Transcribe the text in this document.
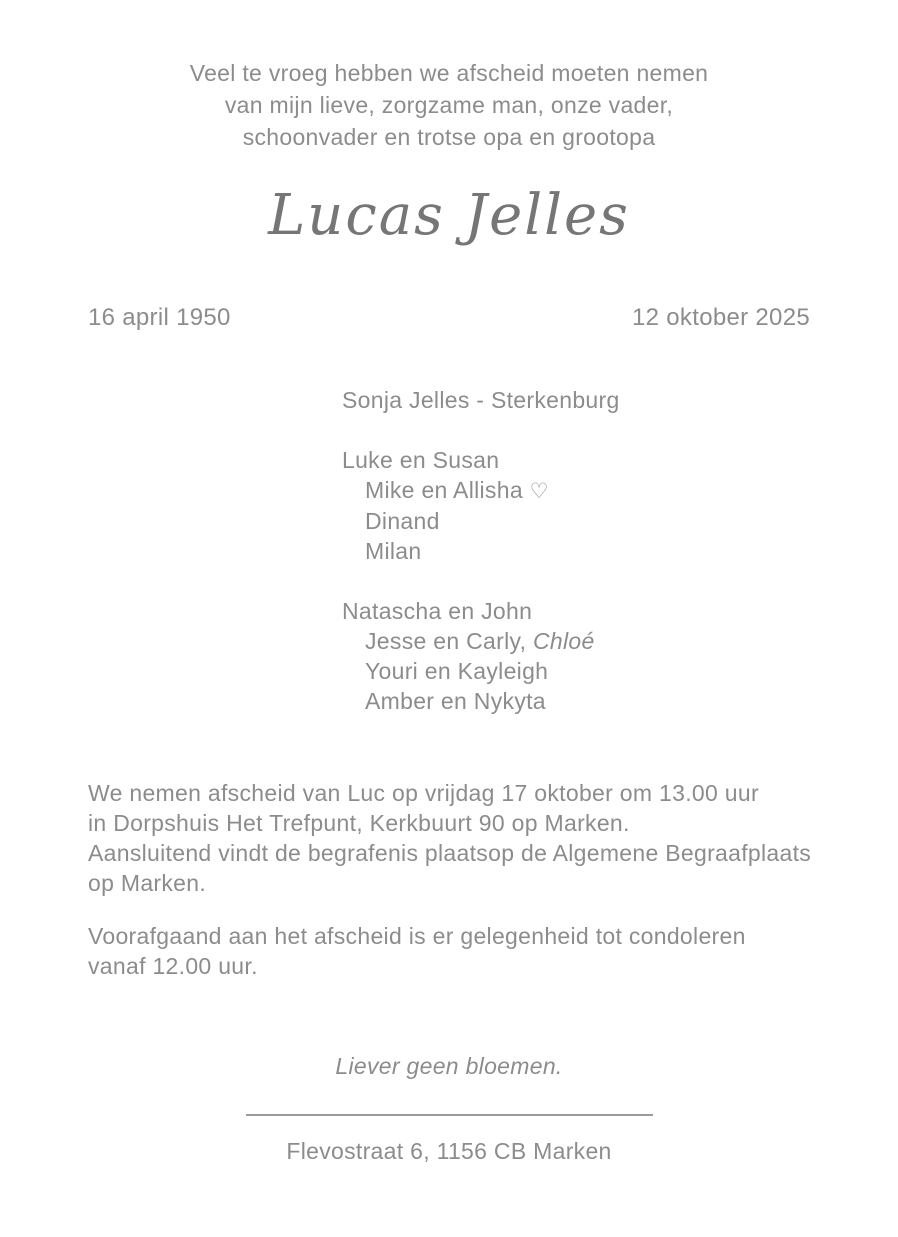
Veel te vroeg hebben we afscheid moeten nemen
van mijn lieve, zorgzame man, onze vader,
schoonvader en trotse opa en grootopa
Lucas Jelles
16 april 1950	12 oktober 2025
Sonja Jelles - Sterkenburg
Luke en Susan
Mike en Allisha ♡
Dinand
Milan
Natascha en John
Jesse en Carly, Chloé
Youri en Kayleigh
Amber en Nykyta
We nemen afscheid van Luc op vrijdag 17 oktober om 13.00 uur
in Dorpshuis Het Trefpunt, Kerkbuurt 90 op Marken.
Aansluitend vindt de begrafenis plaatsop de Algemene Begraafplaats
op Marken.
Voorafgaand aan het afscheid is er gelegenheid tot condoleren
vanaf 12.00 uur.
Liever geen bloemen.
Flevostraat 6, 1156 CB Marken
